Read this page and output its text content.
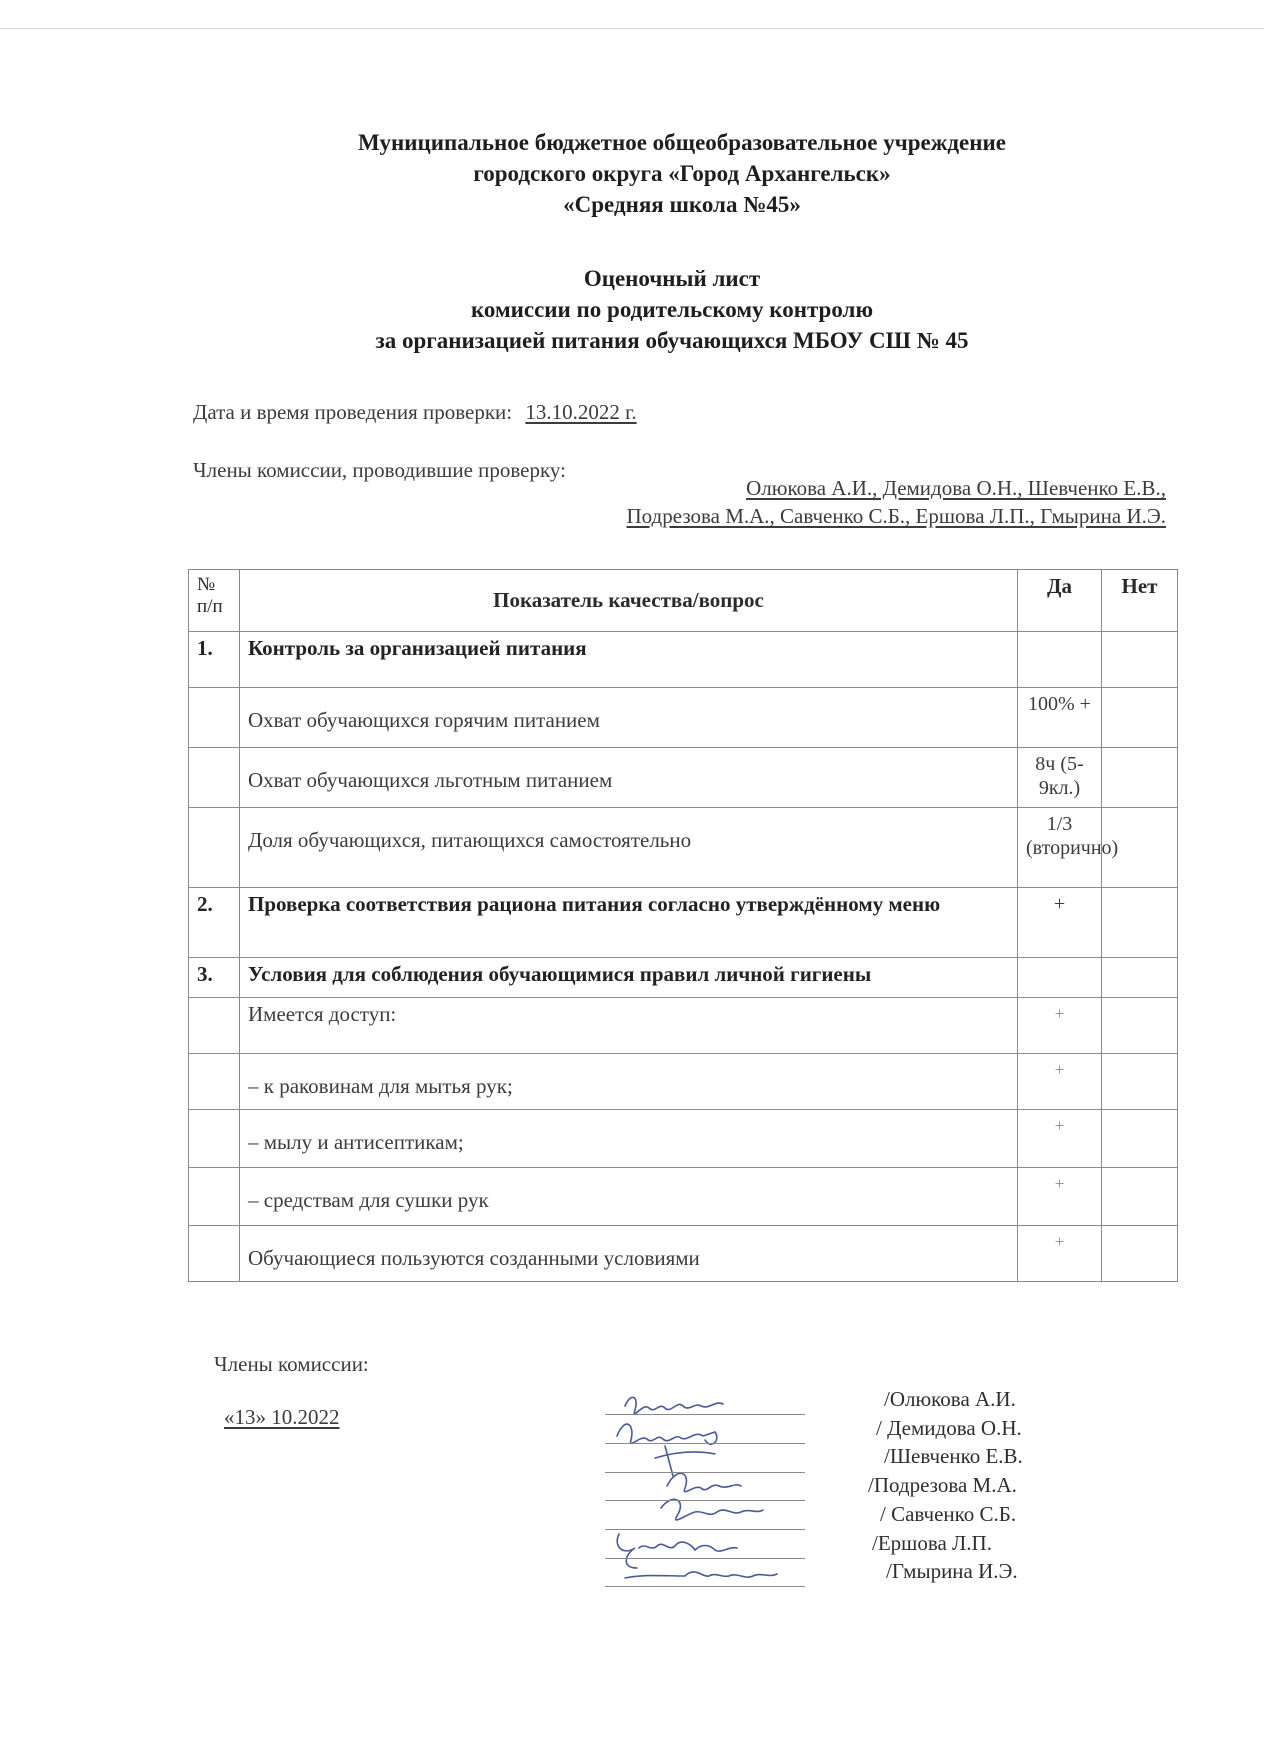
Муниципальное бюджетное общеобразовательное учреждение
городского округа «Город Архангельск»
«Средняя школа №45»
Оценочный лист
комиссии по родительскому контролю
за организацией питания обучающихся МБОУ СШ № 45
Дата и время проведения проверки: 13.10.2022 г.
Члены комиссии, проводившие проверку:
Олюкова А.И., Демидова О.Н., Шевченко Е.В.,
Подрезова М.А., Савченко С.Б., Ершова Л.П., Гмырина И.Э.
№ п/п	Показатель качества/вопрос	Да	Нет
1.	Контроль за организацией питания		
	Охват обучающихся горячим питанием	100% +	
	Охват обучающихся льготным питанием	8ч (5-9кл.)	
	Доля обучающихся, питающихся самостоятельно	1/3 (вторично)	
2.	Проверка соответствия рациона питания согласно утверждённому меню	+	
3.	Условия для соблюдения обучающимися правил личной гигиены		
	Имеется доступ:	+	
	– к раковинам для мытья рук;	+	
	– мылу и антисептикам;	+	
	– средствам для сушки рук	+	
	Обучающиеся пользуются созданными условиями	+	
Члены комиссии:
«13» 10.2022
/Олюкова А.И.
/ Демидова О.Н.
/Шевченко Е.В.
/Подрезова М.А.
/ Савченко С.Б.
/Ершова Л.П.
/Гмырина И.Э.
